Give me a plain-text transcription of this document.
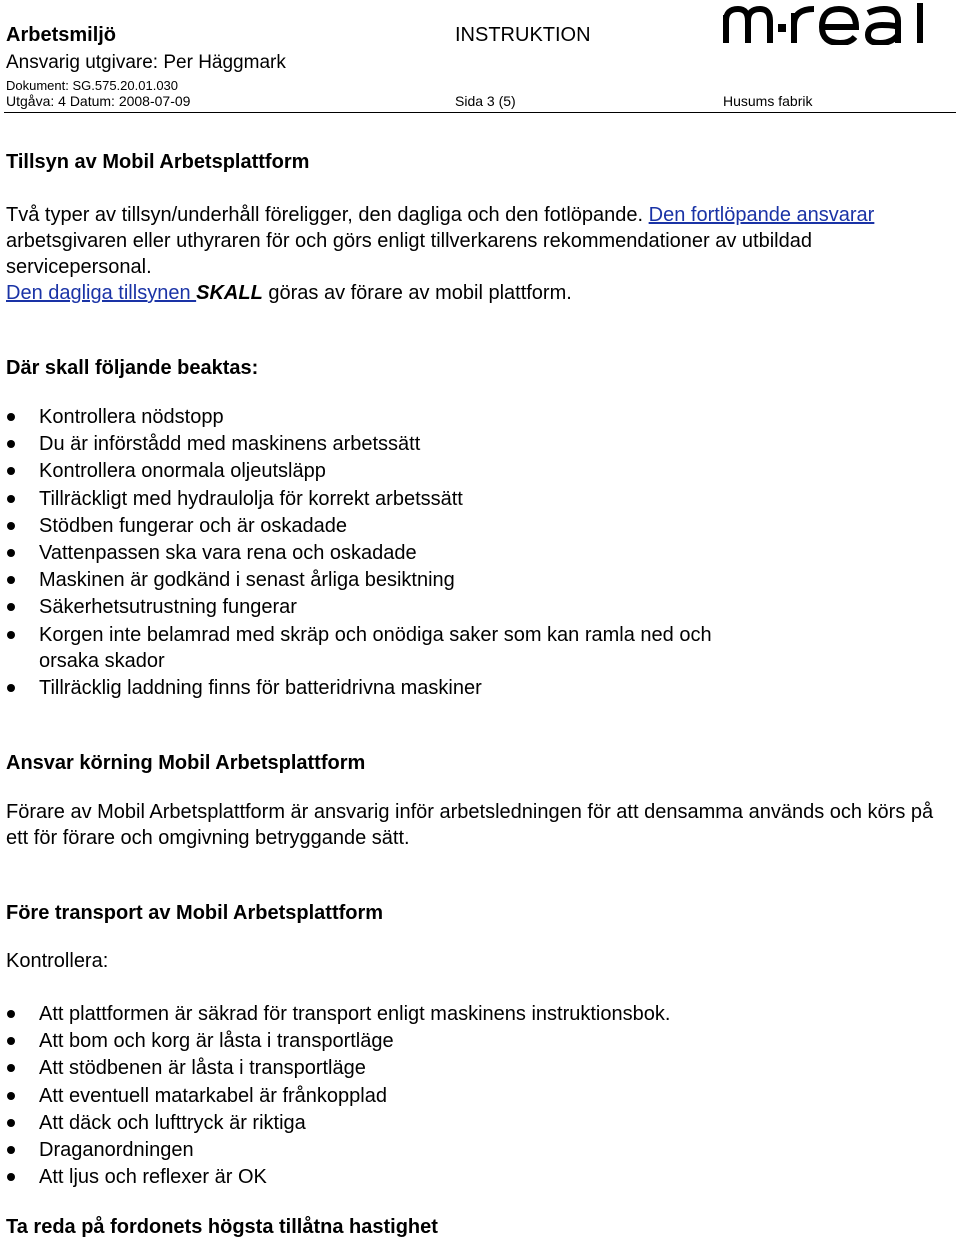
Arbetsmiljö	INSTRUKTION
Ansvarig utgivare: Per Häggmark
Dokument: SG.575.20.01.030
Utgåva: 4 Datum: 2008-07-09	Sida 3 (5)	Husums fabrik
Tillsyn av Mobil Arbetsplattform

Två typer av tillsyn/underhåll föreligger, den dagliga och den fotlöpande. Den fortlöpande ansvarar arbetsgivaren eller uthyraren för och görs enligt tillverkarens rekommendationer av utbildad servicepersonal.

Den dagliga tillsynen SKALL göras av förare av mobil plattform.

Där skall följande beaktas:
Kontrollera nödstopp
Du är införstådd med maskinens arbetssätt
Kontrollera onormala oljeutsläpp
Tillräckligt med hydraulolja för korrekt arbetssätt
Stödben fungerar och är oskadade
Vattenpassen ska vara rena och oskadade
Maskinen är godkänd i senast årliga besiktning
Säkerhetsutrustning fungerar
Korgen inte belamrad med skräp och onödiga saker som kan ramla ned och orsaka skador
Tillräcklig laddning finns för batteridrivna maskiner
Ansvar körning Mobil Arbetsplattform

Förare av Mobil Arbetsplattform är ansvarig inför arbetsledningen för att densamma används och körs på ett för förare och omgivning betryggande sätt.

Före transport av Mobil Arbetsplattform

Kontrollera:

Att plattformen är säkrad för transport enligt maskinens instruktionsbok.
Att bom och korg är låsta i transportläge
Att stödbenen är låsta i transportläge
Att eventuell matarkabel är frånkopplad
Att däck och lufttryck är riktiga
Draganordningen
Att ljus och reflexer är OK
Ta reda på fordonets högsta tillåtna hastighet
